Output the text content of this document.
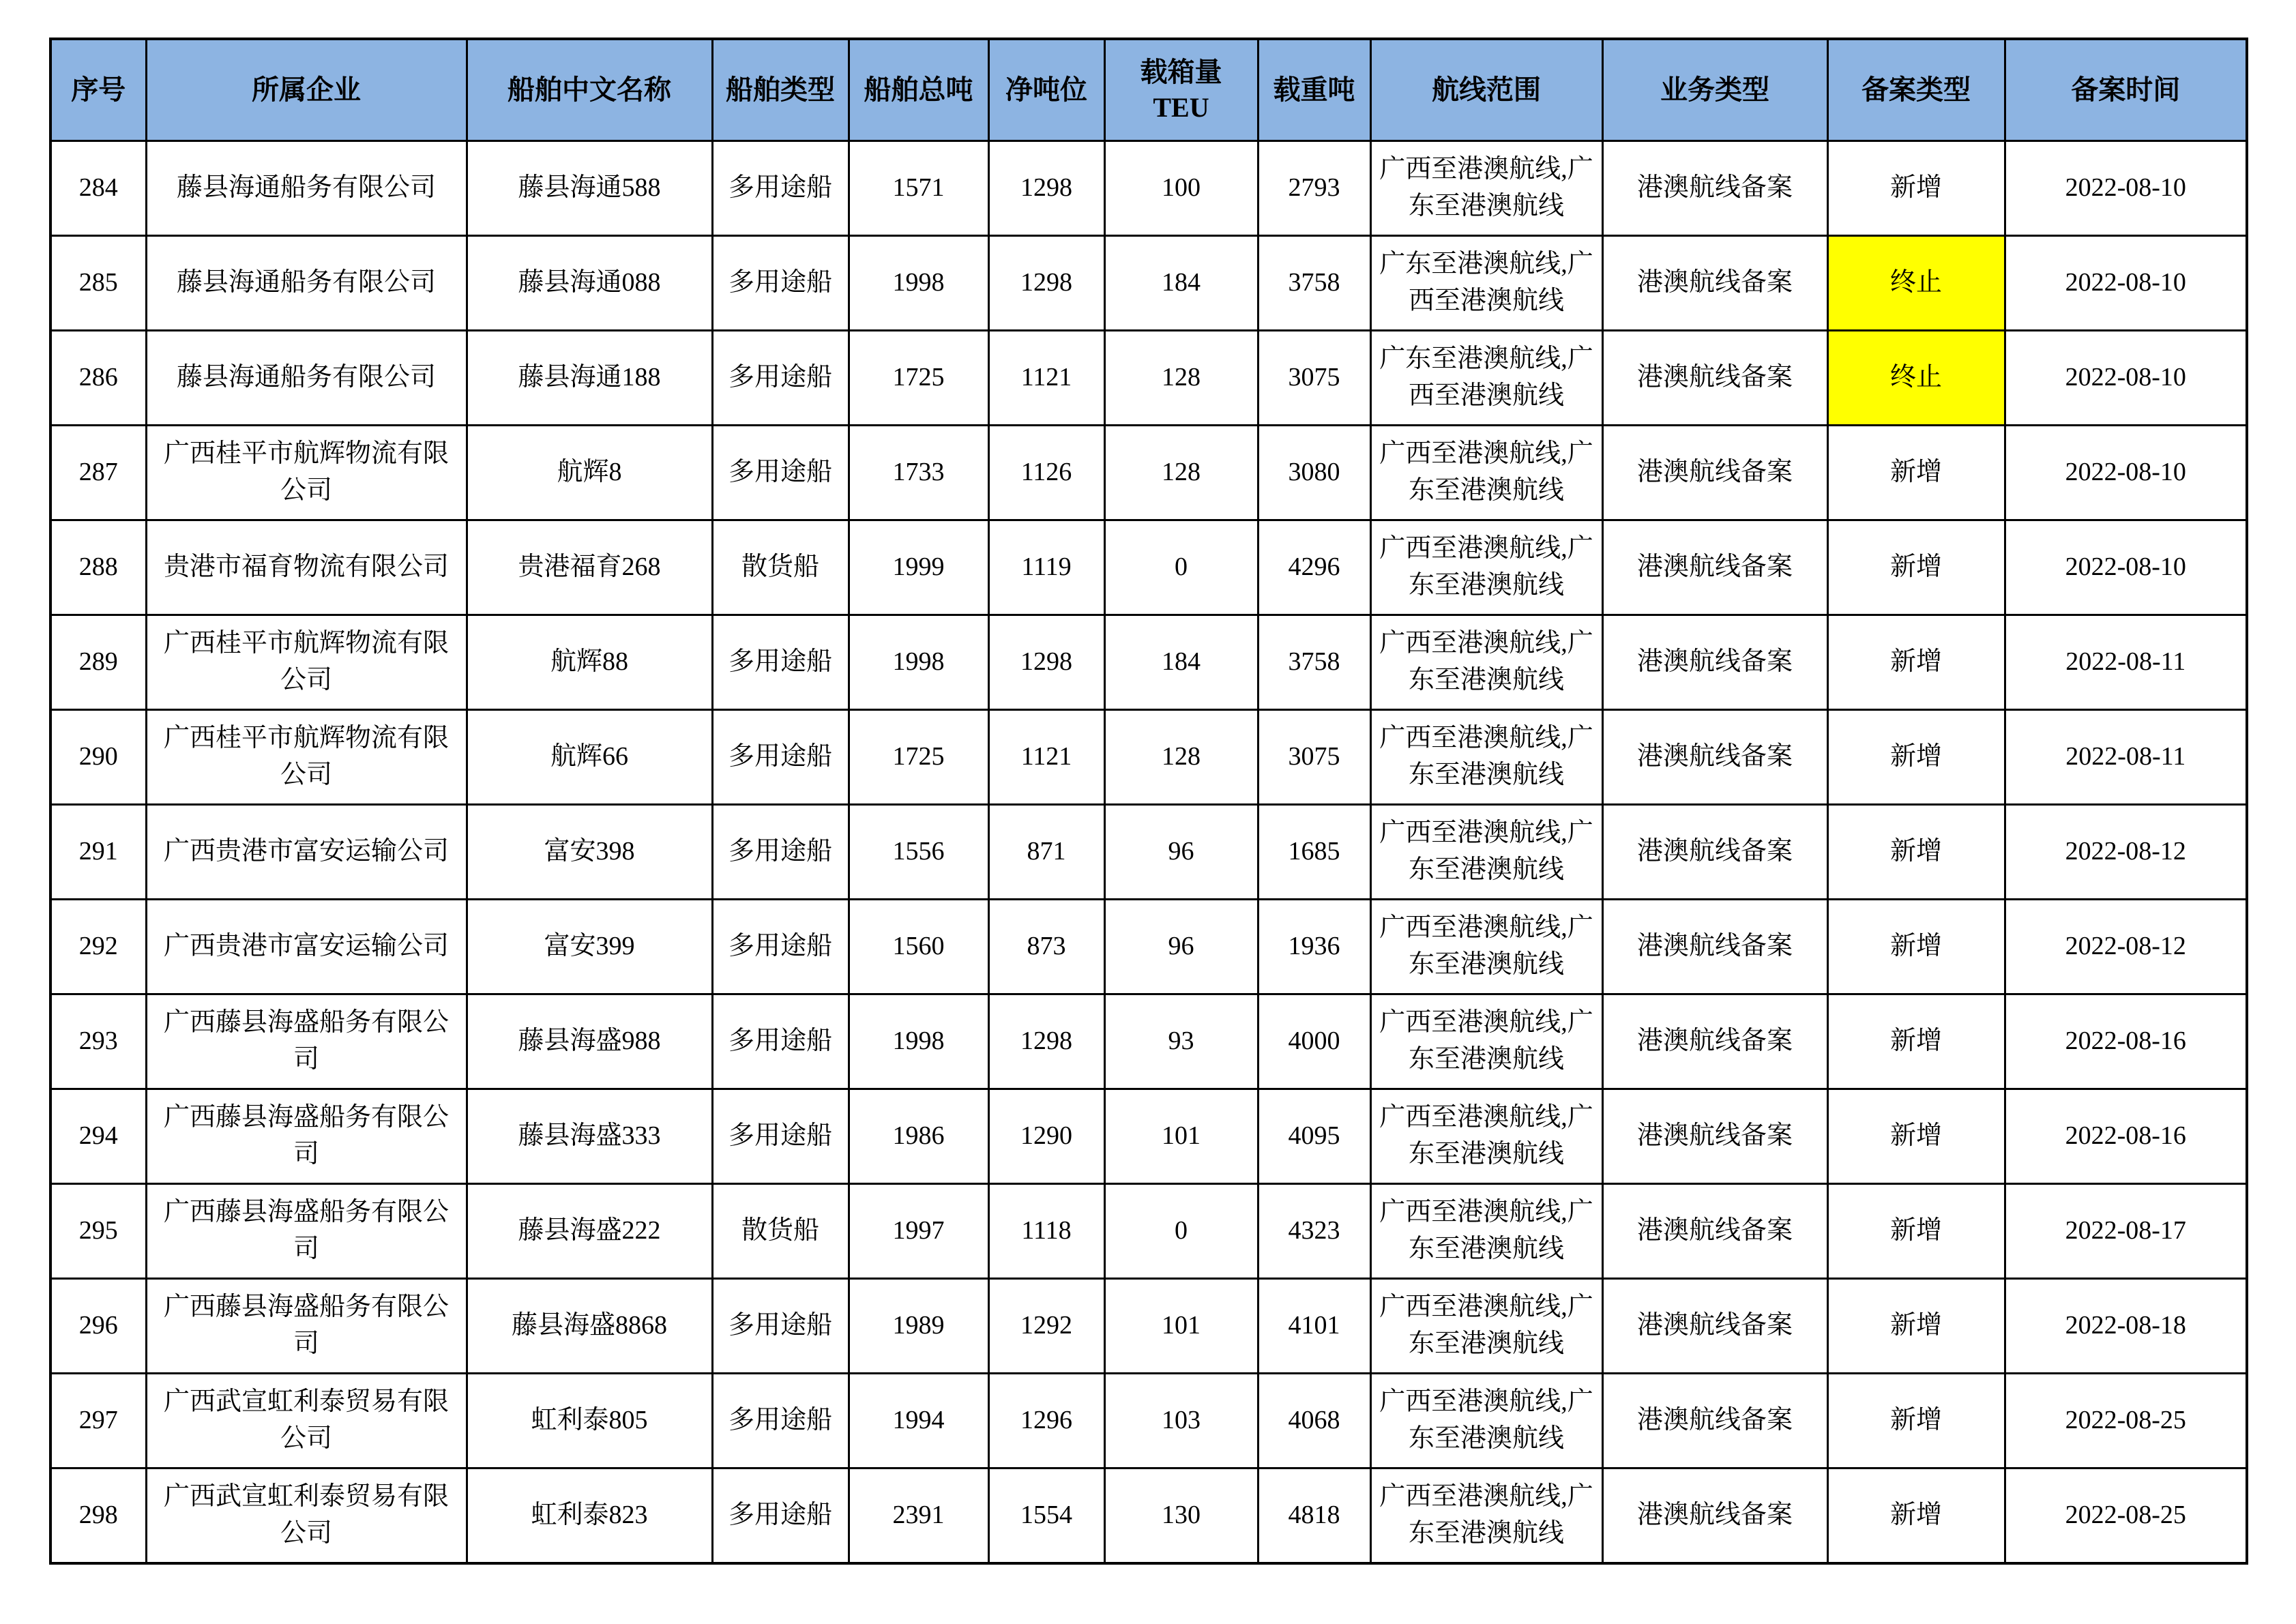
序号	所属企业	船舶中文名称	船舶类型	船舶总吨	净吨位	载箱量TEU	载重吨	航线范围	业务类型	备案类型	备案时间
284	藤县海通船务有限公司	藤县海通588	多用途船	1571	1298	100	2793	广西至港澳航线,广东至港澳航线	港澳航线备案	新增	2022-08-10
285	藤县海通船务有限公司	藤县海通088	多用途船	1998	1298	184	3758	广东至港澳航线,广西至港澳航线	港澳航线备案	终止	2022-08-10
286	藤县海通船务有限公司	藤县海通188	多用途船	1725	1121	128	3075	广东至港澳航线,广西至港澳航线	港澳航线备案	终止	2022-08-10
287	广西桂平市航辉物流有限公司	航辉8	多用途船	1733	1126	128	3080	广西至港澳航线,广东至港澳航线	港澳航线备案	新增	2022-08-10
288	贵港市福育物流有限公司	贵港福育268	散货船	1999	1119	0	4296	广西至港澳航线,广东至港澳航线	港澳航线备案	新增	2022-08-10
289	广西桂平市航辉物流有限公司	航辉88	多用途船	1998	1298	184	3758	广西至港澳航线,广东至港澳航线	港澳航线备案	新增	2022-08-11
290	广西桂平市航辉物流有限公司	航辉66	多用途船	1725	1121	128	3075	广西至港澳航线,广东至港澳航线	港澳航线备案	新增	2022-08-11
291	广西贵港市富安运输公司	富安398	多用途船	1556	871	96	1685	广西至港澳航线,广东至港澳航线	港澳航线备案	新增	2022-08-12
292	广西贵港市富安运输公司	富安399	多用途船	1560	873	96	1936	广西至港澳航线,广东至港澳航线	港澳航线备案	新增	2022-08-12
293	广西藤县海盛船务有限公司	藤县海盛988	多用途船	1998	1298	93	4000	广西至港澳航线,广东至港澳航线	港澳航线备案	新增	2022-08-16
294	广西藤县海盛船务有限公司	藤县海盛333	多用途船	1986	1290	101	4095	广西至港澳航线,广东至港澳航线	港澳航线备案	新增	2022-08-16
295	广西藤县海盛船务有限公司	藤县海盛222	散货船	1997	1118	0	4323	广西至港澳航线,广东至港澳航线	港澳航线备案	新增	2022-08-17
296	广西藤县海盛船务有限公司	藤县海盛8868	多用途船	1989	1292	101	4101	广西至港澳航线,广东至港澳航线	港澳航线备案	新增	2022-08-18
297	广西武宣虹利泰贸易有限公司	虹利泰805	多用途船	1994	1296	103	4068	广西至港澳航线,广东至港澳航线	港澳航线备案	新增	2022-08-25
298	广西武宣虹利泰贸易有限公司	虹利泰823	多用途船	2391	1554	130	4818	广西至港澳航线,广东至港澳航线	港澳航线备案	新增	2022-08-25
